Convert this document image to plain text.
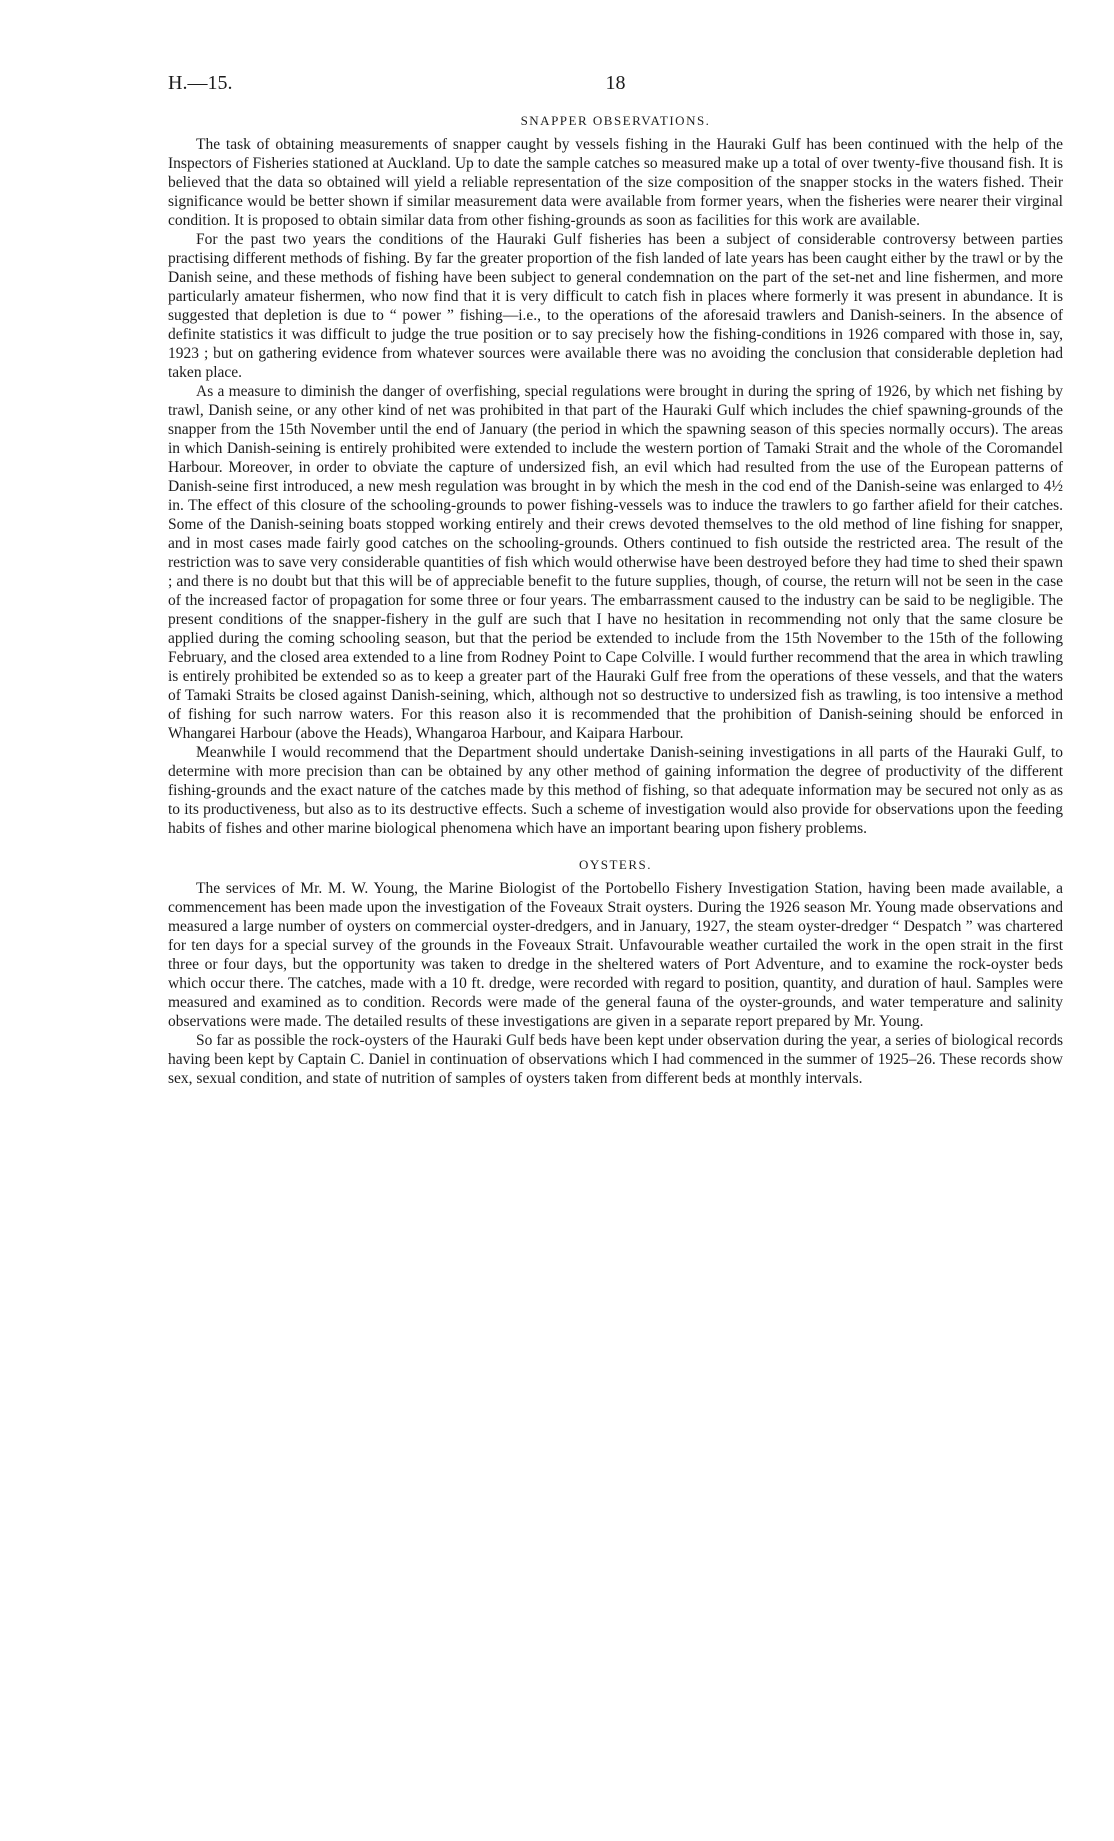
H.—15.	18
SNAPPER OBSERVATIONS.

The task of obtaining measurements of snapper caught by vessels fishing in the Hauraki Gulf has been continued with the help of the Inspectors of Fisheries stationed at Auckland. Up to date the sample catches so measured make up a total of over twenty-five thousand fish. It is believed that the data so obtained will yield a reliable representation of the size composition of the snapper stocks in the waters fished. Their significance would be better shown if similar measurement data were available from former years, when the fisheries were nearer their virginal condition. It is proposed to obtain similar data from other fishing-grounds as soon as facilities for this work are available.

For the past two years the conditions of the Hauraki Gulf fisheries has been a subject of considerable controversy between parties practising different methods of fishing. By far the greater proportion of the fish landed of late years has been caught either by the trawl or by the Danish seine, and these methods of fishing have been subject to general condemnation on the part of the set-net and line fishermen, and more particularly amateur fishermen, who now find that it is very difficult to catch fish in places where formerly it was present in abundance. It is suggested that depletion is due to “ power ” fishing—i.e., to the operations of the aforesaid trawlers and Danish-seiners. In the absence of definite statistics it was difficult to judge the true position or to say precisely how the fishing-conditions in 1926 compared with those in, say, 1923 ; but on gathering evidence from whatever sources were available there was no avoiding the conclusion that considerable depletion had taken place.

As a measure to diminish the danger of overfishing, special regulations were brought in during the spring of 1926, by which net fishing by trawl, Danish seine, or any other kind of net was prohibited in that part of the Hauraki Gulf which includes the chief spawning-grounds of the snapper from the 15th November until the end of January (the period in which the spawning season of this species normally occurs). The areas in which Danish-seining is entirely prohibited were extended to include the western portion of Tamaki Strait and the whole of the Coromandel Harbour. Moreover, in order to obviate the capture of undersized fish, an evil which had resulted from the use of the European patterns of Danish-seine first introduced, a new mesh regulation was brought in by which the mesh in the cod end of the Danish-seine was enlarged to 4½ in. The effect of this closure of the schooling-grounds to power fishing-vessels was to induce the trawlers to go farther afield for their catches. Some of the Danish-seining boats stopped working entirely and their crews devoted themselves to the old method of line fishing for snapper, and in most cases made fairly good catches on the schooling-grounds. Others continued to fish outside the restricted area. The result of the restriction was to save very considerable quantities of fish which would otherwise have been destroyed before they had time to shed their spawn ; and there is no doubt but that this will be of appreciable benefit to the future supplies, though, of course, the return will not be seen in the case of the increased factor of propagation for some three or four years. The embarrassment caused to the industry can be said to be negligible. The present conditions of the snapper-fishery in the gulf are such that I have no hesitation in recommending not only that the same closure be applied during the coming schooling season, but that the period be extended to include from the 15th November to the 15th of the following February, and the closed area extended to a line from Rodney Point to Cape Colville. I would further recommend that the area in which trawling is entirely prohibited be extended so as to keep a greater part of the Hauraki Gulf free from the operations of these vessels, and that the waters of Tamaki Straits be closed against Danish-seining, which, although not so destructive to undersized fish as trawling, is too intensive a method of fishing for such narrow waters. For this reason also it is recommended that the prohibition of Danish-seining should be enforced in Whangarei Harbour (above the Heads), Whangaroa Harbour, and Kaipara Harbour.

Meanwhile I would recommend that the Department should undertake Danish-seining investigations in all parts of the Hauraki Gulf, to determine with more precision than can be obtained by any other method of gaining information the degree of productivity of the different fishing-grounds and the exact nature of the catches made by this method of fishing, so that adequate information may be secured not only as as to its productiveness, but also as to its destructive effects. Such a scheme of investigation would also provide for observations upon the feeding habits of fishes and other marine biological phenomena which have an important bearing upon fishery problems.

OYSTERS.

The services of Mr. M. W. Young, the Marine Biologist of the Portobello Fishery Investigation Station, having been made available, a commencement has been made upon the investigation of the Foveaux Strait oysters. During the 1926 season Mr. Young made observations and measured a large number of oysters on commercial oyster-dredgers, and in January, 1927, the steam oyster-dredger “ Despatch ” was chartered for ten days for a special survey of the grounds in the Foveaux Strait. Unfavourable weather curtailed the work in the open strait in the first three or four days, but the opportunity was taken to dredge in the sheltered waters of Port Adventure, and to examine the rock-oyster beds which occur there. The catches, made with a 10 ft. dredge, were recorded with regard to position, quantity, and duration of haul. Samples were measured and examined as to condition. Records were made of the general fauna of the oyster-grounds, and water temperature and salinity observations were made. The detailed results of these investigations are given in a separate report prepared by Mr. Young.

So far as possible the rock-oysters of the Hauraki Gulf beds have been kept under observation during the year, a series of biological records having been kept by Captain C. Daniel in continuation of observations which I had commenced in the summer of 1925–26. These records show sex, sexual condition, and state of nutrition of samples of oysters taken from different beds at monthly intervals.
